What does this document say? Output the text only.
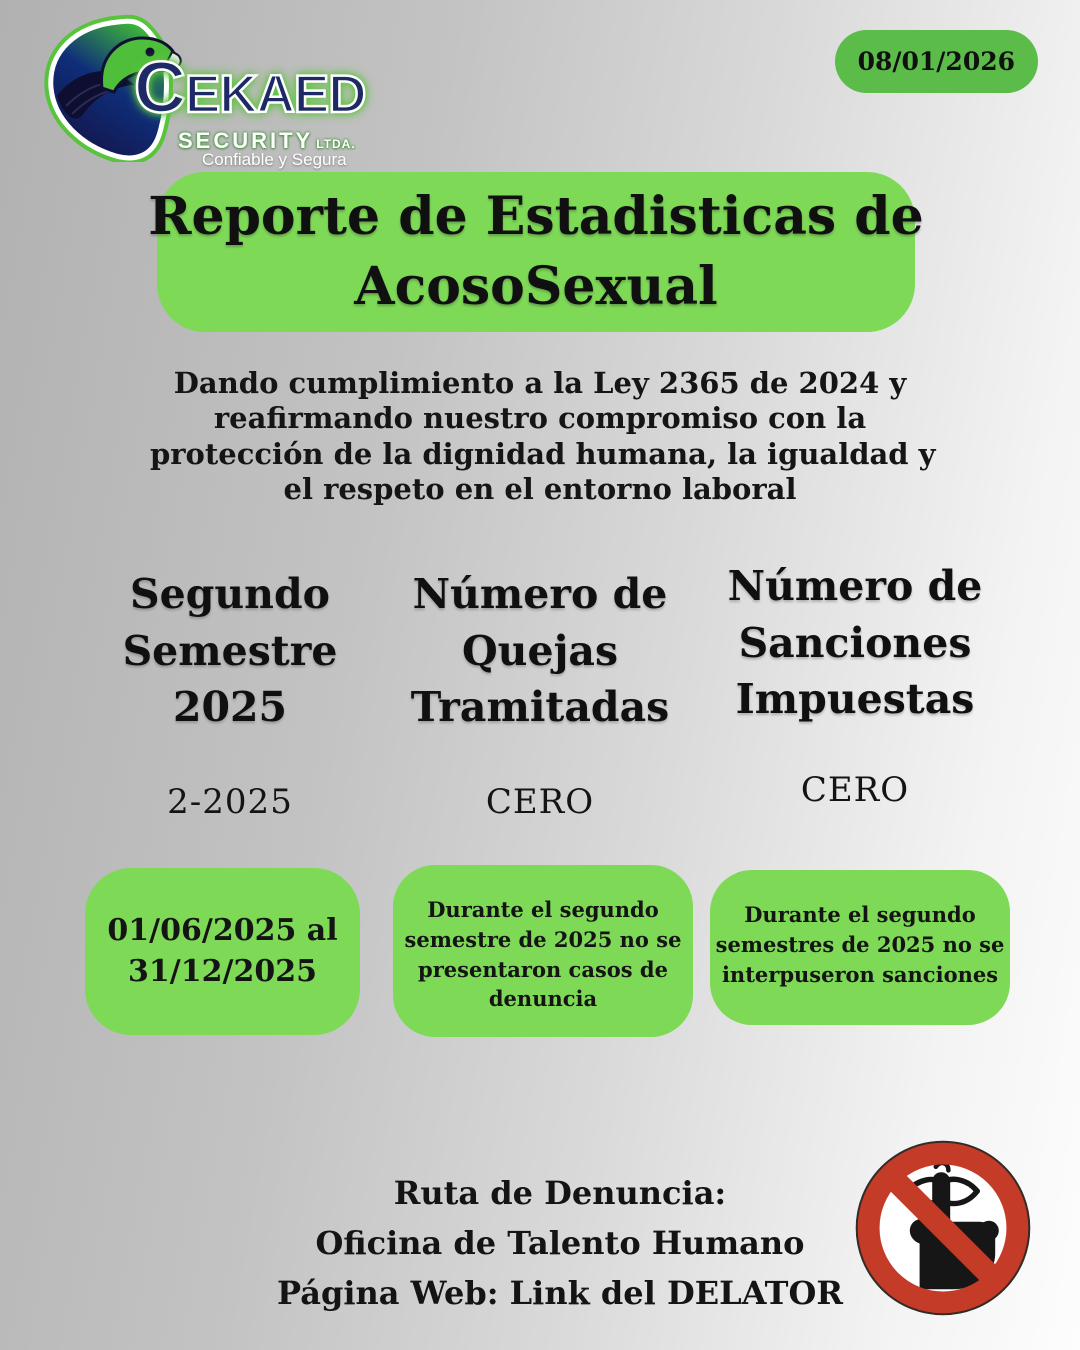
C EKAED
SECURITY LTDA.
Confiable y Segura
08/01/2026
Reporte de Estadisticas de
AcosoSexual
Dando cumplimiento a la Ley 2365 de 2024 y
reafirmando nuestro compromiso con la
protección de la dignidad humana, la igualdad y
el respeto en el entorno laboral
Segundo
Semestre
2025
2-2025
Número de
Quejas
Tramitadas
CERO
Número de
Sanciones
Impuestas
CERO
01/06/2025 al
31/12/2025
Durante el segundo
semestre de 2025 no se
presentaron casos de
denuncia
Durante el segundo
semestres de 2025 no se
interpuseron sanciones
Ruta de Denuncia:
Oficina de Talento Humano
Página Web: Link del DELATOR
